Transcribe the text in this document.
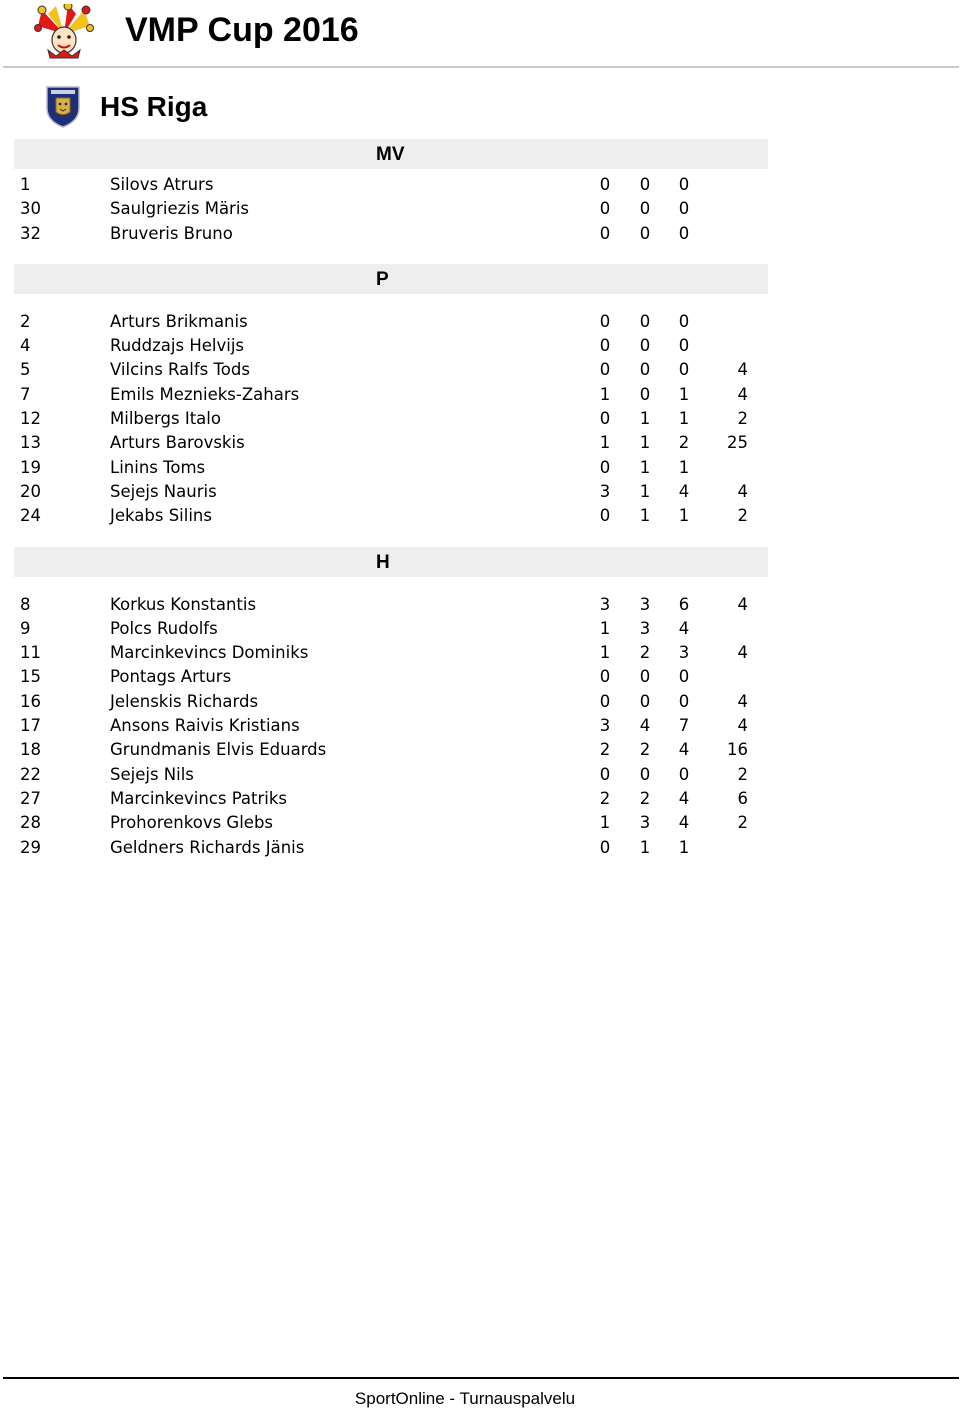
VMP Cup 2016
HS Riga
MV
1	Silovs Atrurs	0	0	0
30	Saulgriezis Märis	0	0	0
32	Bruveris Bruno	0	0	0
P
2	Arturs Brikmanis	0	0	0
4	Ruddzajs Helvijs	0	0	0
5	Vilcins Ralfs Tods	0	0	0	4
7	Emils Meznieks-Zahars	1	0	1	4
12	Milbergs Italo	0	1	1	2
13	Arturs Barovskis	1	1	2	25
19	Linins Toms	0	1	1
20	Sejejs Nauris	3	1	4	4
24	Jekabs Silins	0	1	1	2
H
8	Korkus Konstantis	3	3	6	4
9	Polcs Rudolfs	1	3	4
11	Marcinkevincs Dominiks	1	2	3	4
15	Pontags Arturs	0	0	0
16	Jelenskis Richards	0	0	0	4
17	Ansons Raivis Kristians	3	4	7	4
18	Grundmanis Elvis Eduards	2	2	4	16
22	Sejejs Nils	0	0	0	2
27	Marcinkevincs Patriks	2	2	4	6
28	Prohorenkovs Glebs	1	3	4	2
29	Geldners Richards Jänis	0	1	1
SportOnline - Turnauspalvelu
